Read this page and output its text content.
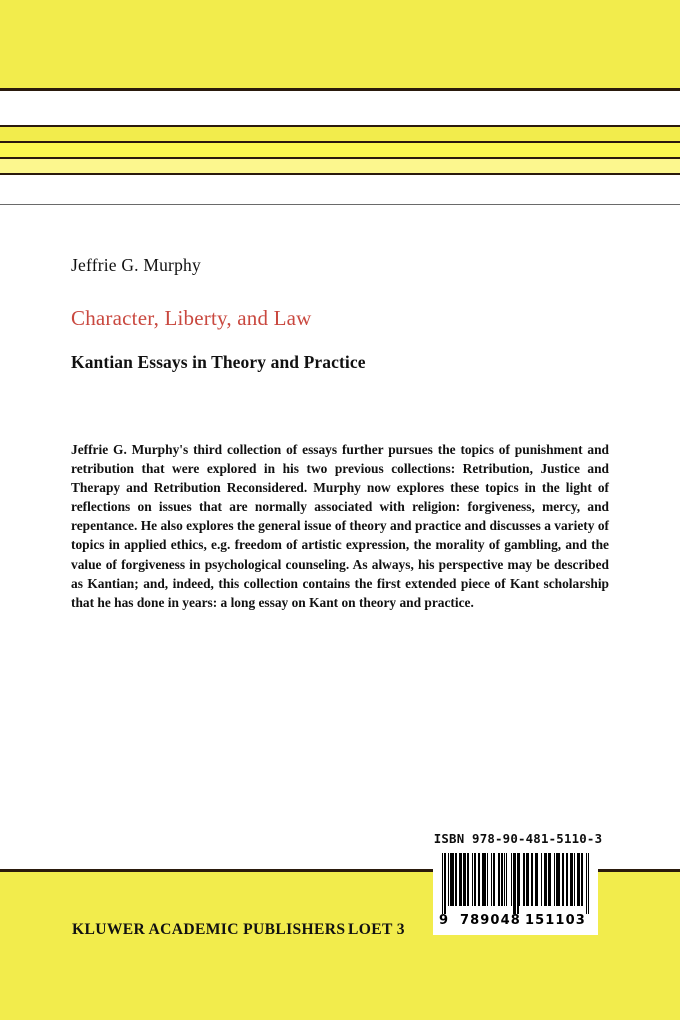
Jeffrie G. Murphy
Character, Liberty, and Law
Kantian Essays in Theory and Practice
Jeffrie G. Murphy's third collection of essays further pursues the topics of punishment and retribution that were explored in his two previous collections: Retribution, Justice and Therapy and Retribution Reconsidered. Murphy now explores these topics in the light of reflections on issues that are normally associated with religion: forgiveness, mercy, and repentance. He also explores the general issue of theory and practice and discusses a variety of topics in applied ethics, e.g. freedom of artistic expression, the morality of gambling, and the value of forgiveness in psychological counseling. As always, his perspective may be described as Kantian; and, indeed, this collection contains the first extended piece of Kant scholarship that he has done in years: a long essay on Kant on theory and practice.
KLUWER ACADEMIC PUBLISHERS LOET 3
ISBN 978-90-481-5110-3
9 789048 151103
